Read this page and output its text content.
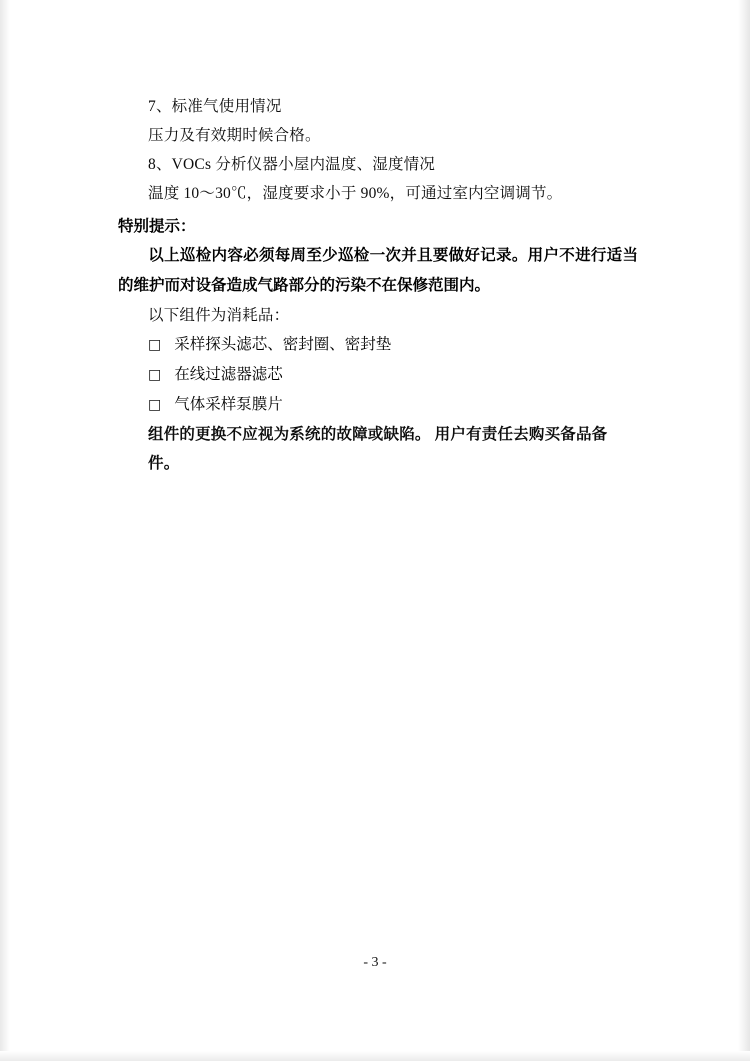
7、标准气使用情况
压力及有效期时候合格。
8、VOCs 分析仪器小屋内温度、湿度情况
温度 10～30℃，湿度要求小于 90%，可通过室内空调调节。
特别提示：
以上巡检内容必须每周至少巡检一次并且要做好记录。用户不进行适当的维护而对设备造成气路部分的污染不在保修范围内。
以下组件为消耗品：
□ 采样探头滤芯、密封圈、密封垫
□ 在线过滤器滤芯
□ 气体采样泵膜片
组件的更换不应视为系统的故障或缺陷。 用户有责任去购买备品备件。
- 3 -
